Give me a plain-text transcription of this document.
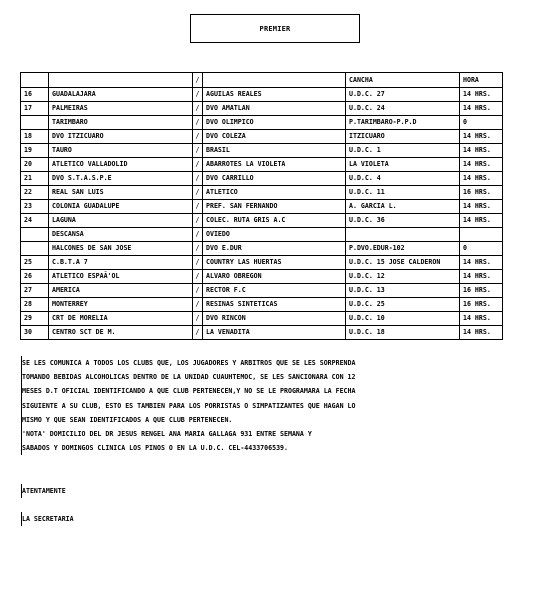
PREMIER
		/		CANCHA	HORA
16	GUADALAJARA	/	AGUILAS REALES	U.D.C. 27	14 HRS.
17	PALMEIRAS	/	DVO AMATLAN	U.D.C. 24	14 HRS.
	TARIMBARO	/	DVO OLIMPICO	P.TARIMBARO-P.P.D	0
18	DVO ITZICUARO	/	DVO COLEZA	ITZICUARO	14 HRS.
19	TAURO	/	BRASIL	U.D.C. 1	14 HRS.
20	ATLETICO VALLADOLID	/	ABARROTES LA VIOLETA	LA VIOLETA	14 HRS.
21	DVO S.T.A.S.P.E	/	DVO CARRILLO	U.D.C. 4	14 HRS.
22	REAL SAN LUIS	/	ATLETICO	U.D.C. 11	16 HRS.
23	COLONIA GUADALUPE	/	PREF. SAN FERNANDO	A. GARCIA L.	14 HRS.
24	LAGUNA	/	COLEC. RUTA GRIS A.C	U.D.C. 36	14 HRS.
	DESCANSA	/	OVIEDO		
	HALCONES DE SAN JOSE	/	DVO E.DUR	P.DVO.EDUR-102	0
25	C.B.T.A 7	/	COUNTRY LAS HUERTAS	U.D.C. 15 JOSE CALDERON	14 HRS.
26	ATLETICO ESPAÃ'OL	/	ALVARO OBREGON	U.D.C. 12	14 HRS.
27	AMERICA	/	RECTOR F.C	U.D.C. 13	16 HRS.
28	MONTERREY	/	RESINAS SINTETICAS	U.D.C. 25	16 HRS.
29	CRT DE MORELIA	/	DVO RINCON	U.D.C. 10	14 HRS.
30	CENTRO SCT DE M.	/	LA VENADITA	U.D.C. 18	14 HRS.
SE LES COMUNICA A TODOS LOS CLUBS QUE, LOS JUGADORES Y ARBITROS QUE SE LES SORPRENDA
TOMANDO BEBIDAS ALCOHOLICAS DENTRO DE LA UNIDAD CUAUHTEMOC, SE LES SANCIONARA CON 12
MESES D.T OFICIAL IDENTIFICANDO A QUE CLUB PERTENECEN,Y NO SE LE PROGRAMARA LA FECHA
SIGUIENTE A SU CLUB, ESTO ES TAMBIEN PARA LOS PORRISTAS O SIMPATIZANTES QUE HAGAN LO
MISMO Y QUE SEAN IDENTIFICADOS A QUE CLUB PERTENECEN.
'NOTA' DOMICILIO DEL DR JESUS RENGEL ANA MARIA GALLAGA 931 ENTRE SEMANA Y
SABADOS Y DOMINGOS CLINICA LOS PINOS O EN LA U.D.C. CEL-4433706539.
ATENTAMENTE
LA SECRETARIA
